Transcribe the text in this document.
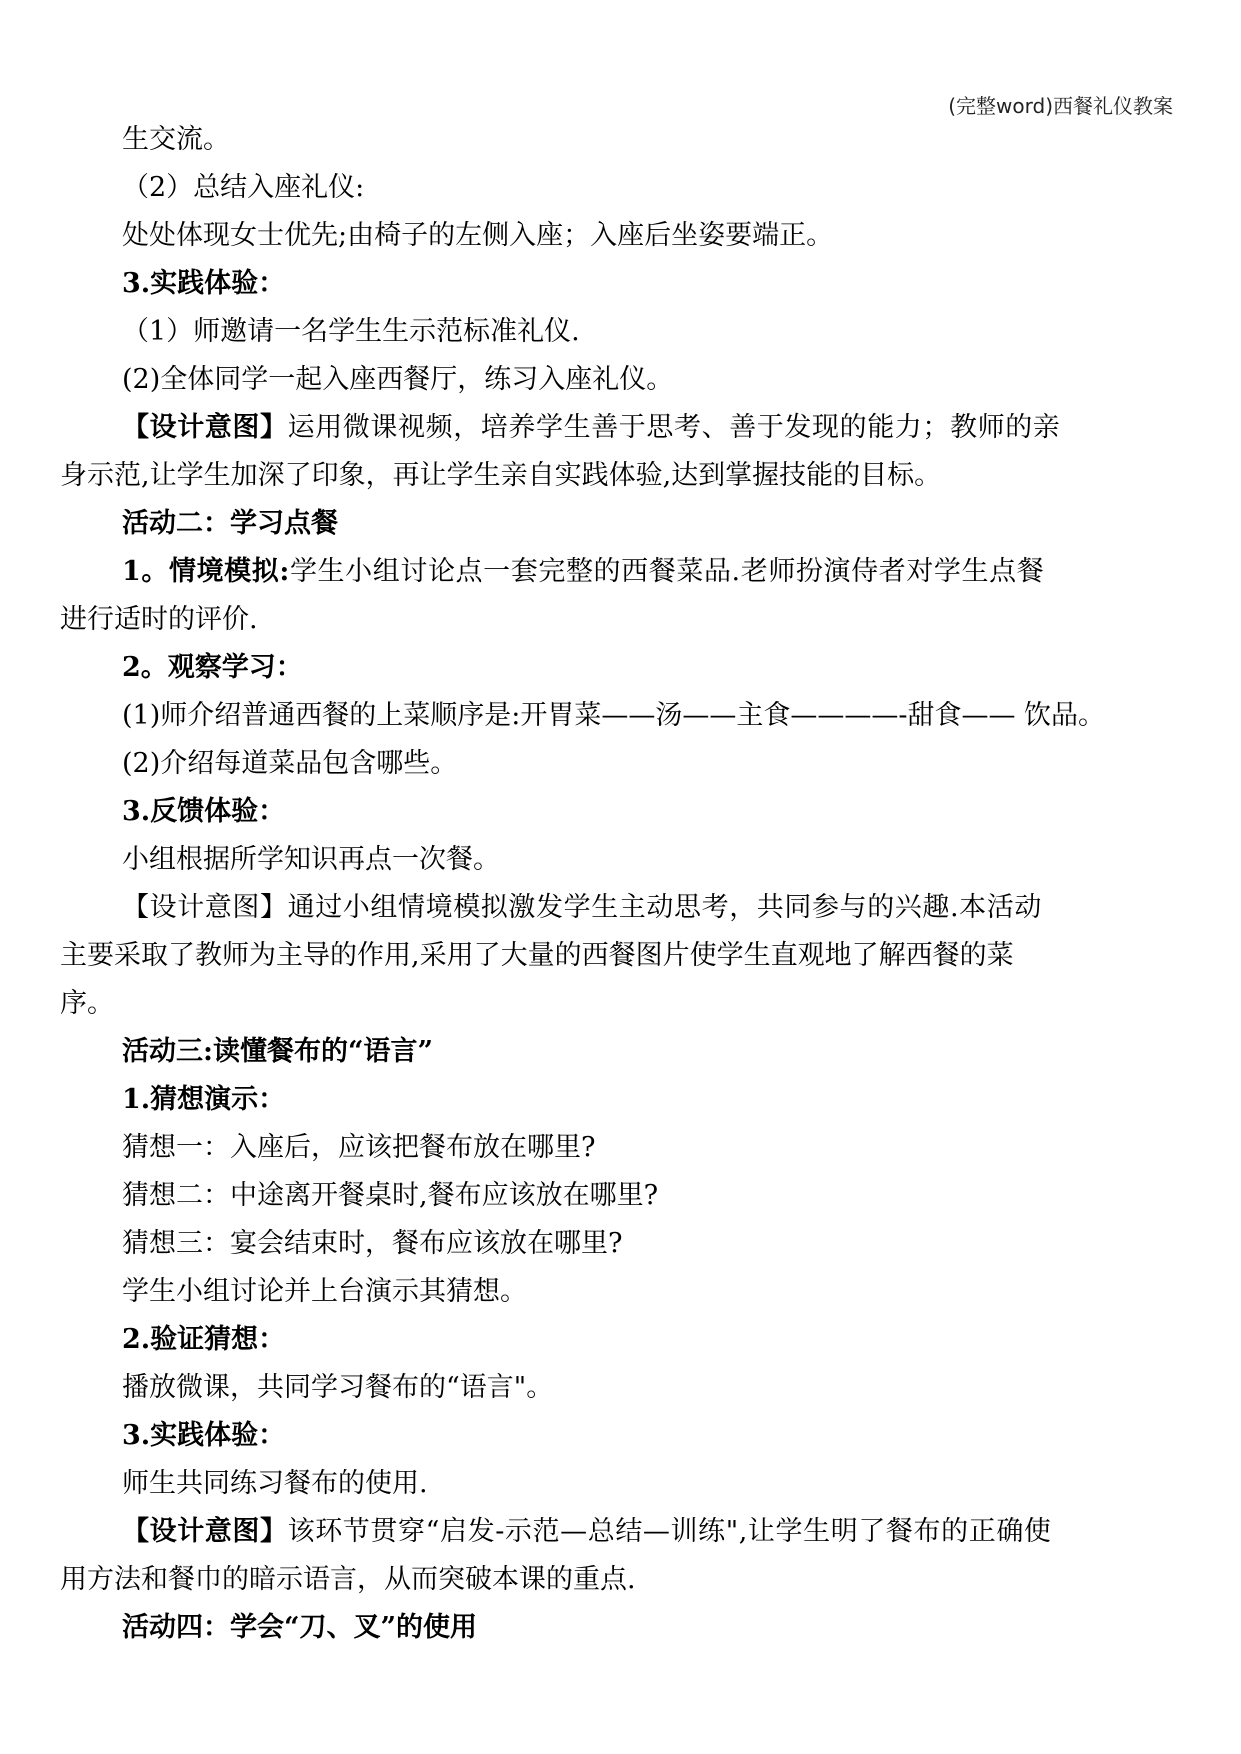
(完整word)西餐礼仪教案
生交流。
（2）总结入座礼仪:
处处体现女士优先;由椅子的左侧入座；入座后坐姿要端正。
3.实践体验：
（1）师邀请一名学生生示范标准礼仪.
(2)全体同学一起入座西餐厅，练习入座礼仪。
【设计意图】运用微课视频，培养学生善于思考、善于发现的能力；教师的亲
身示范,让学生加深了印象，再让学生亲自实践体验,达到掌握技能的目标。
活动二：学习点餐
1。情境模拟:学生小组讨论点一套完整的西餐菜品.老师扮演侍者对学生点餐
进行适时的评价.
2。观察学习：
(1)师介绍普通西餐的上菜顺序是:开胃菜——汤——主食————-甜食—— 饮品。
(2)介绍每道菜品包含哪些。
3.反馈体验：
小组根据所学知识再点一次餐。
【设计意图】通过小组情境模拟激发学生主动思考，共同参与的兴趣.本活动
主要采取了教师为主导的作用,采用了大量的西餐图片使学生直观地了解西餐的菜
序。
活动三:读懂餐布的“语言”
1.猜想演示：
猜想一：入座后，应该把餐布放在哪里?
猜想二：中途离开餐桌时,餐布应该放在哪里?
猜想三：宴会结束时，餐布应该放在哪里?
学生小组讨论并上台演示其猜想。
2.验证猜想：
播放微课，共同学习餐布的“语言"。
3.实践体验：
师生共同练习餐布的使用.
【设计意图】该环节贯穿“启发-示范—总结—训练",让学生明了餐布的正确使
用方法和餐巾的暗示语言，从而突破本课的重点.
活动四：学会“刀、叉”的使用
